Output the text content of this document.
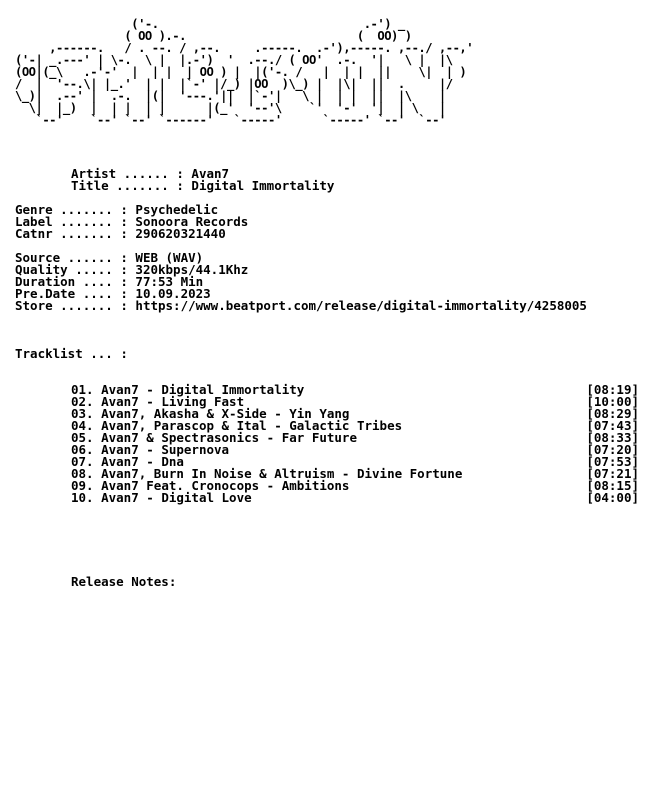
('-.                              .-') _
( OO ).-.                         (  OO) )
,------.   / . --. / ,--.     .-----.  .-'),-----. ,--./ ,--,'
('-| _.---' | \-.  \ |  |.-')  '  .--./ ( OO'  .-.  '|   \ |  |\
(OO|(_\   .-'-'  |  | |  | OO ) |  |('-. /   |  | |  ||    \|  | )
/  |  '--.\| |_.'  | |  |`-' |/_) |OO  )\_) |  |\|  ||  .     |/
\_)|  .--' |  .-.  |(|  '---.'||  |`-'|   \ |  | |  ||  |\    |
\|  |_)  |  | |  | |      |(_'  '--'\    `'  '-'  '|  | \   |
`--'    `--' `--' `------'   `-----'      `-----' `--'  `--'
Artist ...... : Avan7
Title ....... : Digital Immortality
Genre ....... : Psychedelic
Label ....... : Sonoora Records
Catnr ....... : 290620321440
Source ...... : WEB (WAV)
Quality ..... : 320kbps/44.1Khz
Duration .... : 77:53 Min
Pre.Date .... : 10.09.2023
Store ....... : https://www.beatport.com/release/digital-immortality/4258005
Tracklist ... :
01. Avan7 - Digital Immortality	[08:19]
02. Avan7 - Living Fast	[10:00]
03. Avan7, Akasha & X-Side - Yin Yang	[08:29]
04. Avan7, Parascop & Ital - Galactic Tribes	[07:43]
05. Avan7 & Spectrasonics - Far Future	[08:33]
06. Avan7 - Supernova	[07:20]
07. Avan7 - Dna	[07:53]
08. Avan7, Burn In Noise & Altruism - Divine Fortune	[07:21]
09. Avan7 Feat. Cronocops - Ambitions	[08:15]
10. Avan7 - Digital Love	[04:00]
Release Notes:
